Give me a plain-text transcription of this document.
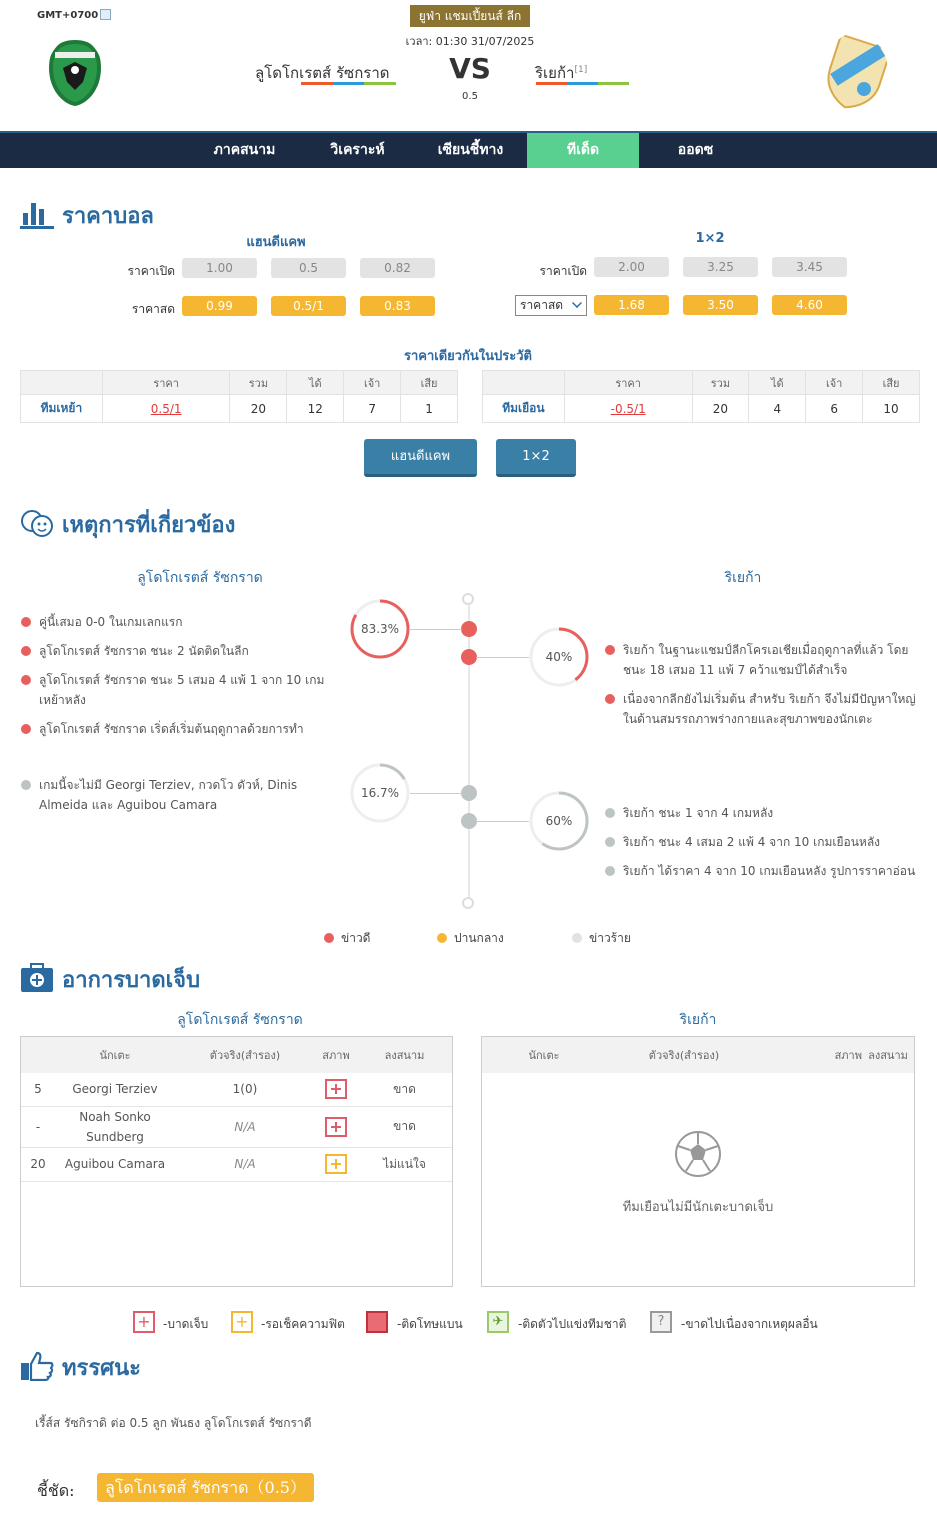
GMT+0700	ยูฟ่า แชมเปี้ยนส์ ลีก
เวลา: 01:30 31/07/2025
VS
0.5
ลูโดโกเรตส์ รัซกราด	ริเยก้า[1]
ภาคสนาม	วิเคราะห์	เซียนชี้ทาง	ทีเด็ด	ออดซ
ราคาบอล
แฮนดีแคพ	1×2
ราคาเปิด	1.00	0.5	0.82
ราคาสด	0.99	0.5/1	0.83
ราคาเปิด	2.00	3.25	3.45
ราคาสด	1.68	3.50	4.60
ราคาเดียวกันในประวัติ
	ราคา	รวม	ได้	เจ้า	เสีย
ทีมเหย้า	0.5/1	20	12	7	1
	ราคา	รวม	ได้	เจ้า	เสีย
ทีมเยือน	-0.5/1	20	4	6	10
แฮนดีแคพ	1×2
เหตุการที่เกี่ยวข้อง
ลูโดโกเรตส์ รัซกราด	ริเยก้า
คู่นี้เสมอ 0-0 ในเกมเลกแรก
ลูโดโกเรตส์ รัซกราด ชนะ 2 นัดติดในลีก
ลูโดโกเรตส์ รัซกราด ชนะ 5 เสมอ 4 แพ้ 1 จาก 10 เกมเหย้าหลัง
ลูโดโกเรตส์ รัซกราด เริ่ดส์เริ่มต้นฤดูกาลด้วยการทำ
เกมนี้จะไม่มี Georgi Terziev, กวดโว ดัวห์, Dinis Almeida และ Aguibou Camara
ริเยก้า ในฐานะแชมป์ลีกโครเอเชียเมื่อฤดูกาลที่แล้ว โดยชนะ 18 เสมอ 11 แพ้ 7 คว้าแชมป์ได้สำเร็จ
เนื่องจากลีกยังไม่เริ่มต้น สำหรับ ริเยก้า จึงไม่มีปัญหาใหญ่ในด้านสมรรถภาพร่างกายและสุขภาพของนักเตะ
ริเยก้า ชนะ 1 จาก 4 เกมหลัง
ริเยก้า ชนะ 4 เสมอ 2 แพ้ 4 จาก 10 เกมเยือนหลัง
ริเยก้า ได้ราคา 4 จาก 10 เกมเยือนหลัง รูปการราคาอ่อน
83.3%
40%
16.7%
60%
ข่าวดี	ปานกลาง	ข่าวร้าย
อาการบาดเจ็บ
ลูโดโกเรตส์ รัซกราด	ริเยก้า
	นักเตะ	ตัวจริง(สำรอง)	สภาพ	ลงสนาม
5	Georgi Terziev	1(0)		ขาด
-	Noah Sonko Sundberg	N/A		ขาด
20	Aguibou Camara	N/A		ไม่แน่ใจ
นักเตะ	ตัวจริง(สำรอง)	สภาพ	ลงสนาม
ทีมเยือนไม่มีนักเตะบาดเจ็บ
+	-บาดเจ็บ +	-รอเช็คความฟิต	-ติดโทษแบน	✈	-ติดตัวไปแข่งทีมชาติ	?	-ขาดไปเนื่องจากเหตุผลอื่น
ทรรศนะ
เรี้ส์ส รัซกิราดิ ต่อ 0.5 ลูก พันธง ลูโดโกเรตส์ รัซกราดี
ชี้ชัด:	ลูโดโกเรตส์ รัซกราด（0.5）
